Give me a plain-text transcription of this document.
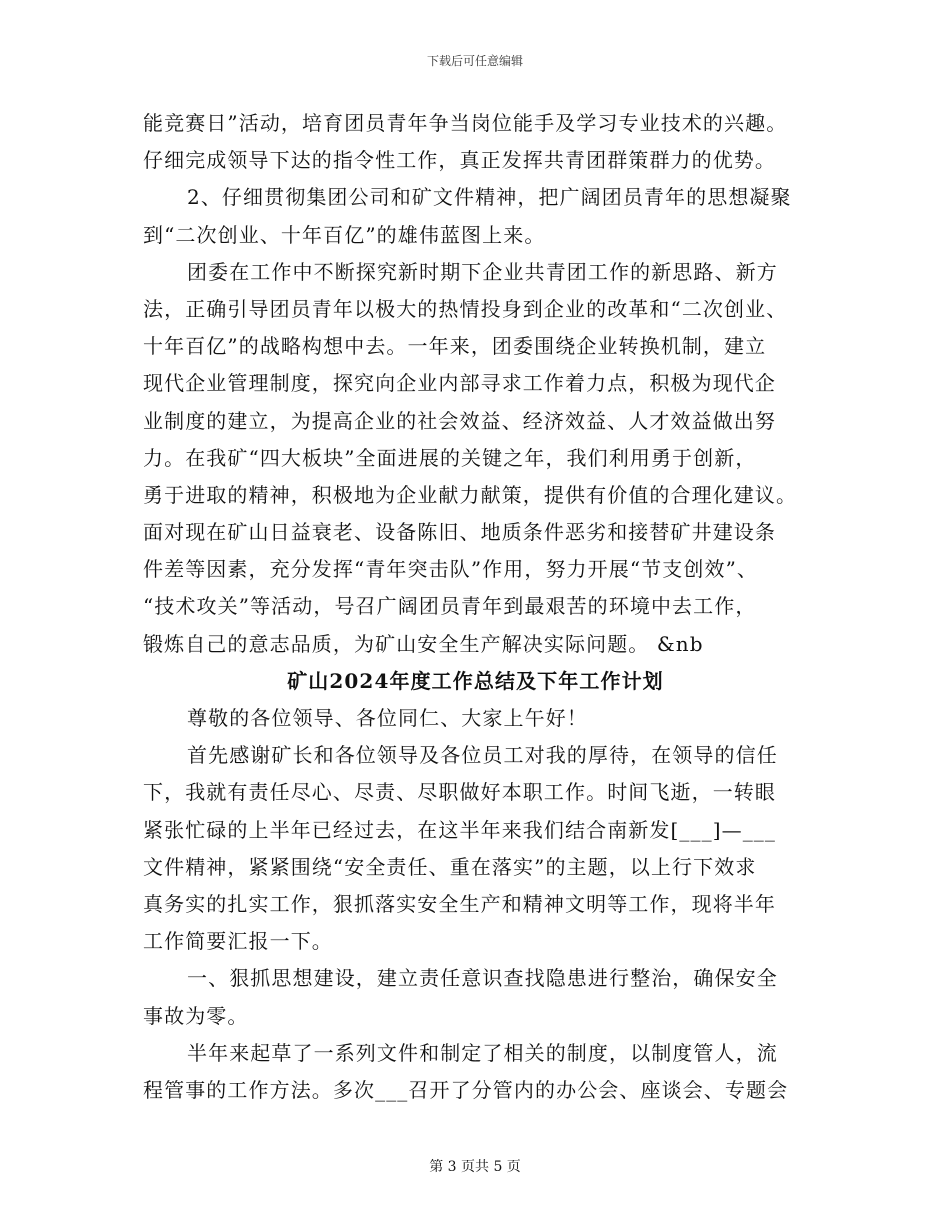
下载后可任意编辑
能竞赛日”活动，培育团员青年争当岗位能手及学习专业技术的兴趣。
仔细完成领导下达的指令性工作，真正发挥共青团群策群力的优势。
2、仔细贯彻集团公司和矿文件精神，把广阔团员青年的思想凝聚
到“二次创业、十年百亿”的雄伟蓝图上来。
团委在工作中不断探究新时期下企业共青团工作的新思路、新方
法，正确引导团员青年以极大的热情投身到企业的改革和“二次创业、
十年百亿”的战略构想中去。一年来，团委围绕企业转换机制，建立
现代企业管理制度，探究向企业内部寻求工作着力点，积极为现代企
业制度的建立，为提高企业的社会效益、经济效益、人才效益做出努
力。在我矿“四大板块”全面进展的关键之年，我们利用勇于创新，
勇于进取的精神，积极地为企业献力献策，提供有价值的合理化建议。
面对现在矿山日益衰老、设备陈旧、地质条件恶劣和接替矿井建设条
件差等因素，充分发挥“青年突击队”作用，努力开展“节支创效”、
“技术攻关”等活动，号召广阔团员青年到最艰苦的环境中去工作，
锻炼自己的意志品质，为矿山安全生产解决实际问题。 &nb
矿山2024年度工作总结及下年工作计划
尊敬的各位领导、各位同仁、大家上午好！
首先感谢矿长和各位领导及各位员工对我的厚待，在领导的信任
下，我就有责任尽心、尽责、尽职做好本职工作。时间飞逝，一转眼
紧张忙碌的上半年已经过去，在这半年来我们结合南新发[___]—___
文件精神，紧紧围绕“安全责任、重在落实”的主题，以上行下效求
真务实的扎实工作，狠抓落实安全生产和精神文明等工作，现将半年
工作简要汇报一下。
一、狠抓思想建设，建立责任意识查找隐患进行整治，确保安全
事故为零。
半年来起草了一系列文件和制定了相关的制度，以制度管人，流
程管事的工作方法。多次___召开了分管内的办公会、座谈会、专题会
第 3 页共 5 页
